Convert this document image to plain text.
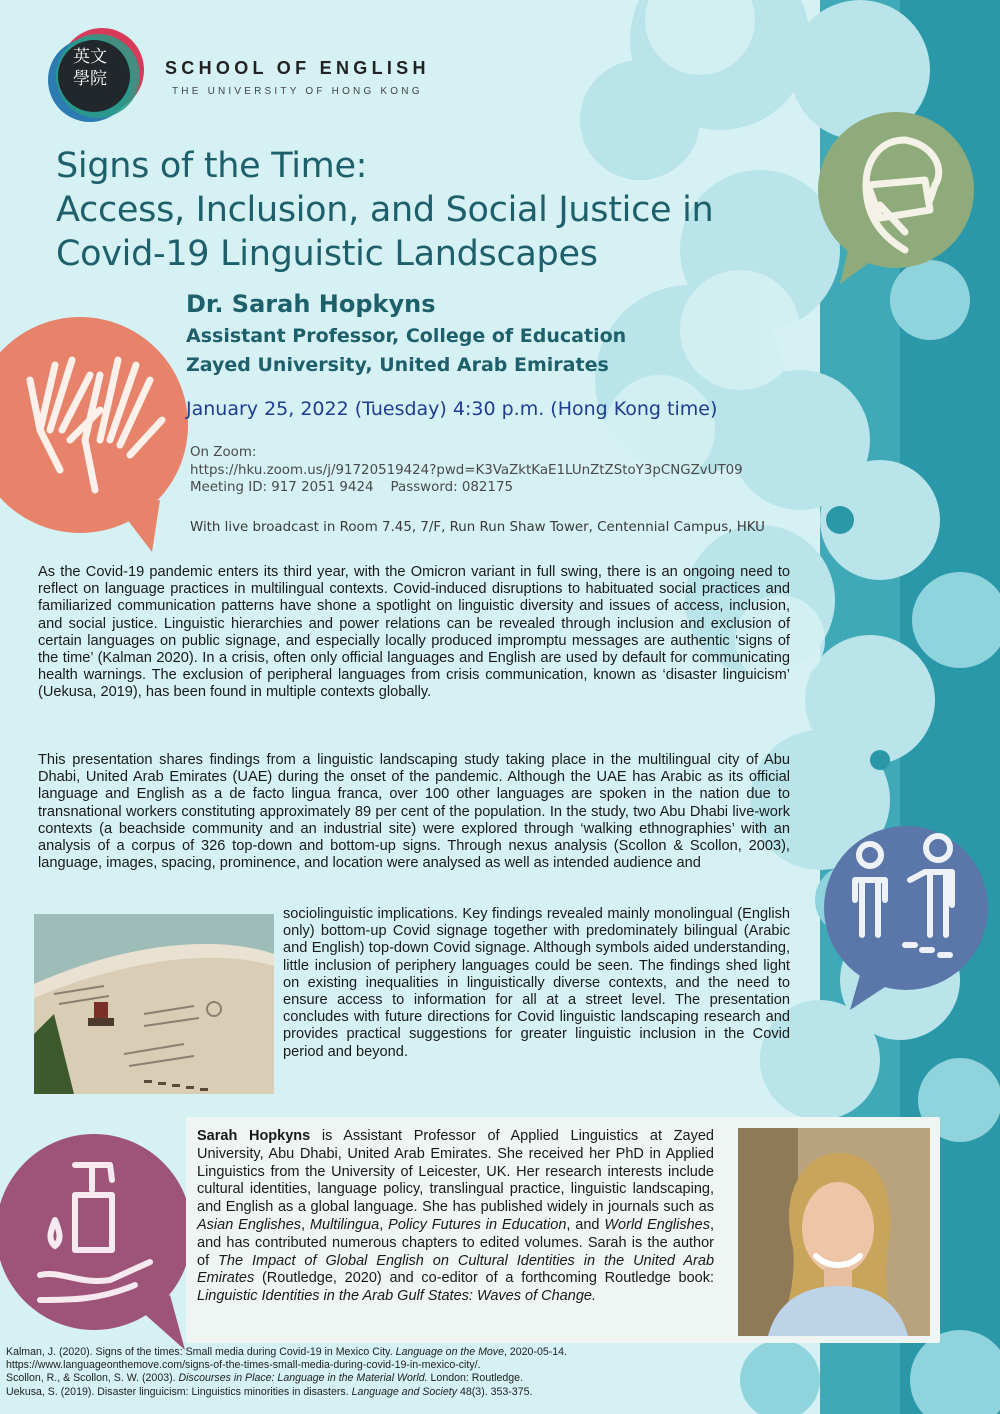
英文
學院
SCHOOL OF ENGLISH
THE UNIVERSITY OF HONG KONG
Signs of the Time:
Access, Inclusion, and Social Justice in
Covid-19 Linguistic Landscapes
Dr. Sarah Hopkyns
Assistant Professor, College of Education
Zayed University, United Arab Emirates
January 25, 2022 (Tuesday) 4:30 p.m. (Hong Kong time)
On Zoom:
https://hku.zoom.us/j/91720519424?pwd=K3VaZktKaE1LUnZtZStoY3pCNGZvUT09
Meeting ID: 917 2051 9424 Password: 082175
With live broadcast in Room 7.45, 7/F, Run Run Shaw Tower, Centennial Campus, HKU

As the Covid-19 pandemic enters its third year, with the Omicron variant in full swing, there is an ongoing need to reflect on language practices in multilingual contexts. Covid-induced disruptions to habituated social practices and familiarized communication patterns have shone a spotlight on linguistic diversity and issues of access, inclusion, and social justice. Linguistic hierarchies and power relations can be revealed through inclusion and exclusion of certain languages on public signage, and especially locally produced impromptu messages are authentic ‘signs of the time’ (Kalman 2020). In a crisis, often only official languages and English are used by default for communicating health warnings. The exclusion of peripheral languages from crisis communication, known as ‘disaster linguicism’ (Uekusa, 2019), has been found in multiple contexts globally.

This presentation shares findings from a linguistic landscaping study taking place in the multilingual city of Abu Dhabi, United Arab Emirates (UAE) during the onset of the pandemic. Although the UAE has Arabic as its official language and English as a de facto lingua franca, over 100 other languages are spoken in the nation due to transnational workers constituting approximately 89 per cent of the population. In the study, two Abu Dhabi live-work contexts (a beachside community and an industrial site) were explored through ‘walking ethnographies’ with an analysis of a corpus of 326 top-down and bottom-up signs. Through nexus analysis (Scollon & Scollon, 2003), language, images, spacing, prominence, and location were analysed as well as intended audience and

sociolinguistic implications. Key findings revealed mainly monolingual (English only) bottom-up Covid signage together with predominately bilingual (Arabic and English) top-down Covid signage. Although symbols aided understanding, little inclusion of periphery languages could be seen. The findings shed light on existing inequalities in linguistically diverse contexts, and the need to ensure access to information for all at a street level. The presentation concludes with future directions for Covid linguistic landscaping research and provides practical suggestions for greater linguistic inclusion in the Covid period and beyond.

Sarah Hopkyns is Assistant Professor of Applied Linguistics at Zayed University, Abu Dhabi, United Arab Emirates. She received her PhD in Applied Linguistics from the University of Leicester, UK. Her research interests include cultural identities, language policy, translingual practice, linguistic landscaping, and English as a global language. She has published widely in journals such as Asian Englishes, Multilingua, Policy Futures in Education, and World Englishes, and has contributed numerous chapters to edited volumes. Sarah is the author of The Impact of Global English on Cultural Identities in the United Arab Emirates (Routledge, 2020) and co-editor of a forthcoming Routledge book: Linguistic Identities in the Arab Gulf States: Waves of Change.

Kalman, J. (2020). Signs of the times: Small media during Covid-19 in Mexico City. Language on the Move, 2020-05-14.
https://www.languageonthemove.com/signs-of-the-times-small-media-during-covid-19-in-mexico-city/.
Scollon, R., & Scollon, S. W. (2003). Discourses in Place: Language in the Material World. London: Routledge.
Uekusa, S. (2019). Disaster linguicism: Linguistics minorities in disasters. Language and Society 48(3). 353-375.
